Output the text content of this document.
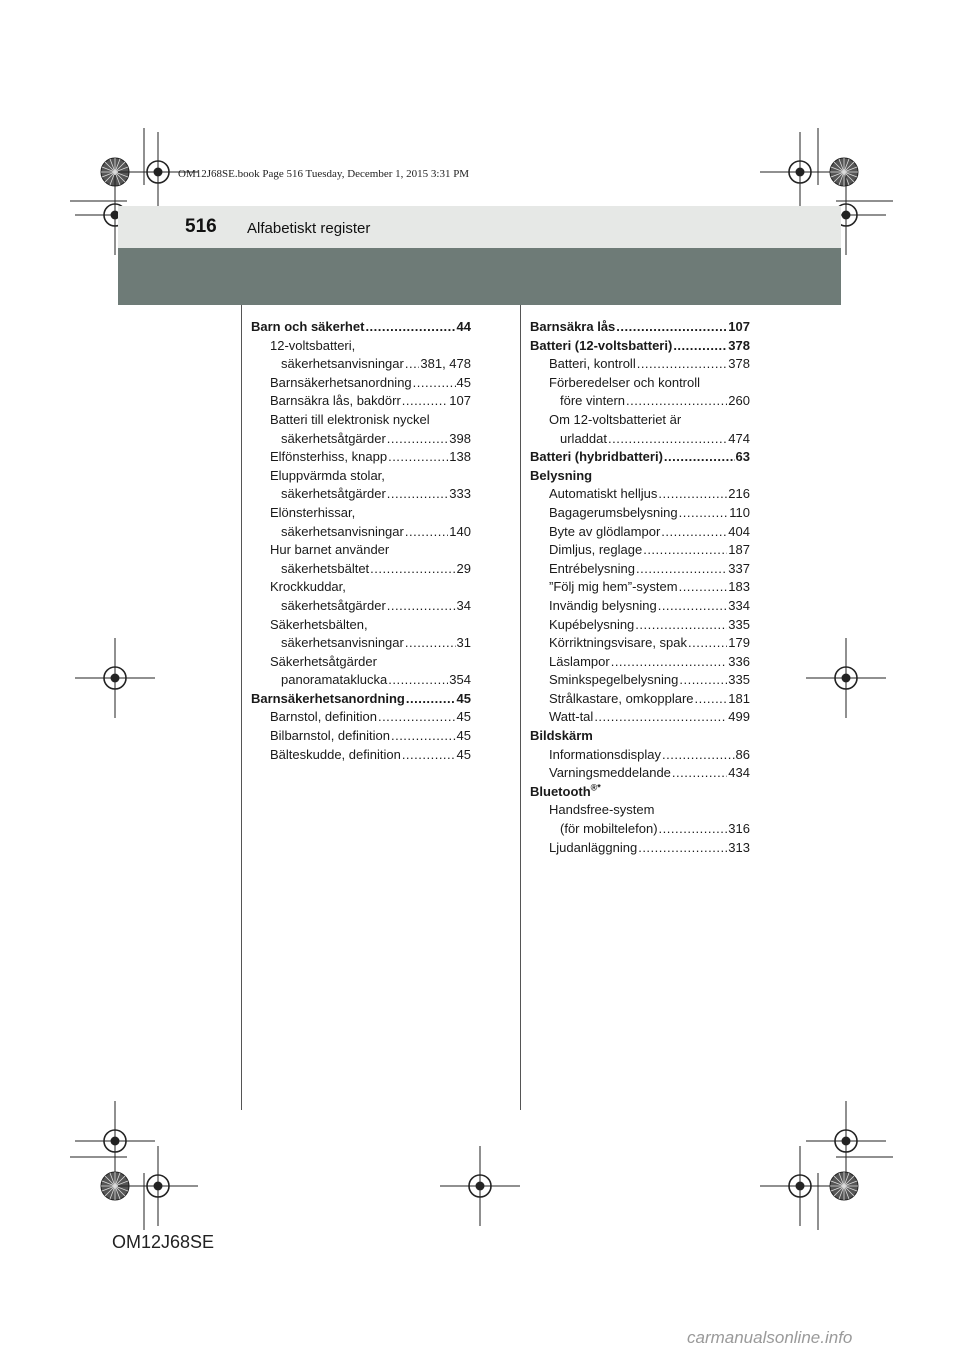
OM12J68SE.book Page 516 Tuesday, December 1, 2015 3:31 PM
516 Alfabetiskt register
Barn och säkerhet .....	44
12-voltsbatteri,
säkerhetsanvisningar ..... 381, 478
Barnsäkerhetsanordning .....	45
Barnsäkra lås, bakdörr .....	107
Batteri till elektronisk nyckel
säkerhetsåtgärder .....	398
Elfönsterhiss, knapp .....	138
Eluppvärmda stolar,
säkerhetsåtgärder .....	333
Elönsterhissar,
säkerhetsanvisningar .....	140
Hur barnet använder
säkerhetsbältet .....	29
Krockkuddar,
säkerhetsåtgärder .....	34
Säkerhetsbälten,
säkerhetsanvisningar .....	31
Säkerhetsåtgärder
panoramataklucka .....	354
Barnsäkerhetsanordning .....	45
Barnstol, definition .....	45
Bilbarnstol, definition .....	45
Bälteskudde, definition .....	45
Barnsäkra lås .....	107
Batteri (12-voltsbatteri) .....	378
Batteri, kontroll .....	378
Förberedelser och kontroll
före vintern .....	260
Om 12-voltsbatteriet är
urladdat .....	474
Batteri (hybridbatteri) .....	63
Belysning
Automatiskt helljus .....	216
Bagagerumsbelysning .....	110
Byte av glödlampor .....	404
Dimljus, reglage .....	187
Entrébelysning .....	337
”Följ mig hem”-system .....	183
Invändig belysning .....	334
Kupébelysning .....	335
Körriktningsvisare, spak .....	179
Läslampor .....	336
Sminkspegelbelysning .....	335
Strålkastare, omkopplare .....	181
Watt-tal .....	499
Bildskärm
Informationsdisplay .....	86
Varningsmeddelande .....	434
Bluetooth®*
Handsfree-system
(för mobiltelefon) .....	316
Ljudanläggning .....	313
OM12J68SE
carmanualsonline.info
